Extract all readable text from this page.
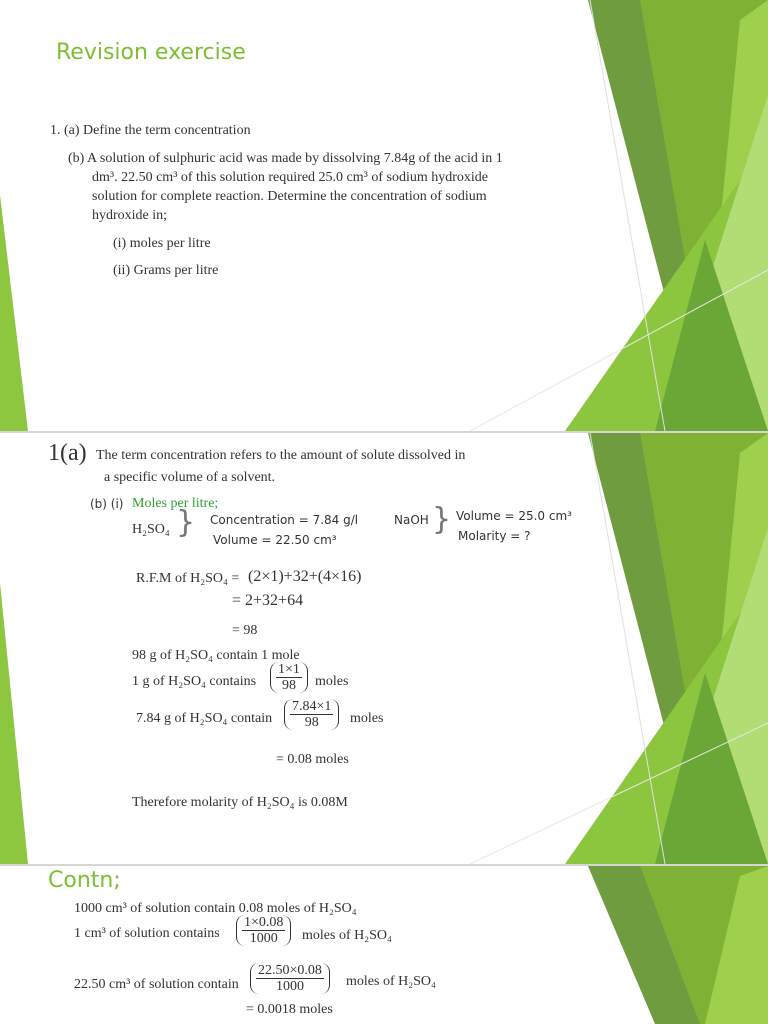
Revision exercise
1. (a) Define the term concentration
(b) A solution of sulphuric acid was made by dissolving 7.84g of the acid in 1
dm³. 22.50 cm³ of this solution required 25.0 cm³ of sodium hydroxide
solution for complete reaction. Determine the concentration of sodium
hydroxide in;
(i) moles per litre
(ii) Grams per litre
1(a) The term concentration refers to the amount of solute dissolved in
a specific volume of a solvent.
(b) (i) Moles per litre;
H₂SO₄ } Concentration = 7.84 g/l
Volume = 22.50 cm³
NaOH } Volume = 25.0 cm³
Molarity = ?
R.F.M of H₂SO₄ = (2×1)+32+(4×16)
= 2+32+64
= 98
98 g of H₂SO₄ contain 1 mole
1 g of H₂SO₄ contains $\frac{1\times 1}{98}$ moles
7.84 g of H₂SO₄ contain $\frac{7.84\times 1}{98}$ moles
= 0.08 moles
Therefore molarity of H₂SO₄ is 0.08M
Contn;
1000 cm³ of solution contain 0.08 moles of H₂SO₄
1 cm³ of solution contains $\frac{1\times 0.08}{1000}$ moles of H₂SO₄
22.50 cm³ of solution contain $\frac{22.50\times 0.08}{1000}$ moles of H₂SO₄
= 0.0018 moles
